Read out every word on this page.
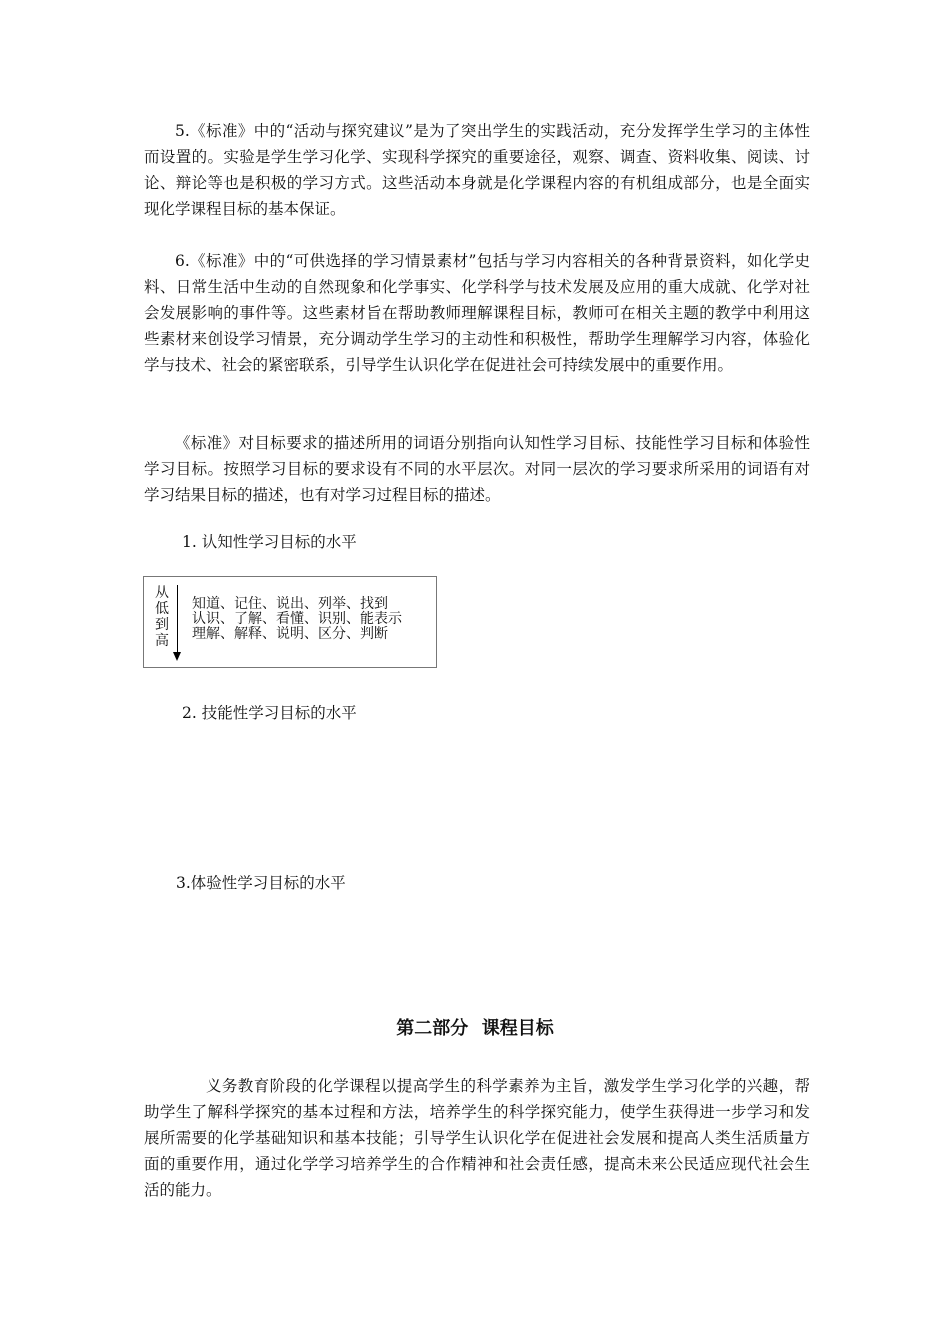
5.《标准》中的“活动与探究建议”是为了突出学生的实践活动，充分发挥学生学习的主体性而设置的。实验是学生学习化学、实现科学探究的重要途径，观察、调查、资料收集、阅读、讨论、辩论等也是积极的学习方式。这些活动本身就是化学课程内容的有机组成部分，也是全面实现化学课程目标的基本保证。

6.《标准》中的“可供选择的学习情景素材”包括与学习内容相关的各种背景资料，如化学史料、日常生活中生动的自然现象和化学事实、化学科学与技术发展及应用的重大成就、化学对社会发展影响的事件等。这些素材旨在帮助教师理解课程目标，教师可在相关主题的教学中利用这些素材来创设学习情景，充分调动学生学习的主动性和积极性，帮助学生理解学习内容，体验化学与技术、社会的紧密联系，引导学生认识化学在促进社会可持续发展中的重要作用。

《标准》对目标要求的描述所用的词语分别指向认知性学习目标、技能性学习目标和体验性学习目标。按照学习目标的要求设有不同的水平层次。对同一层次的学习要求所采用的词语有对学习结果目标的描述，也有对学习过程目标的描述。

1. 认知性学习目标的水平

从
低
到
高
知道、记住、说出、列举、找到
认识、了解、看懂、识别、能表示
理解、解释、说明、区分、判断

2. 技能性学习目标的水平

3.体验性学习目标的水平

第二部分 课程目标

义务教育阶段的化学课程以提高学生的科学素养为主旨，激发学生学习化学的兴趣，帮助学生了解科学探究的基本过程和方法，培养学生的科学探究能力，使学生获得进一步学习和发展所需要的化学基础知识和基本技能；引导学生认识化学在促进社会发展和提高人类生活质量方面的重要作用，通过化学学习培养学生的合作精神和社会责任感，提高未来公民适应现代社会生活的能力。
